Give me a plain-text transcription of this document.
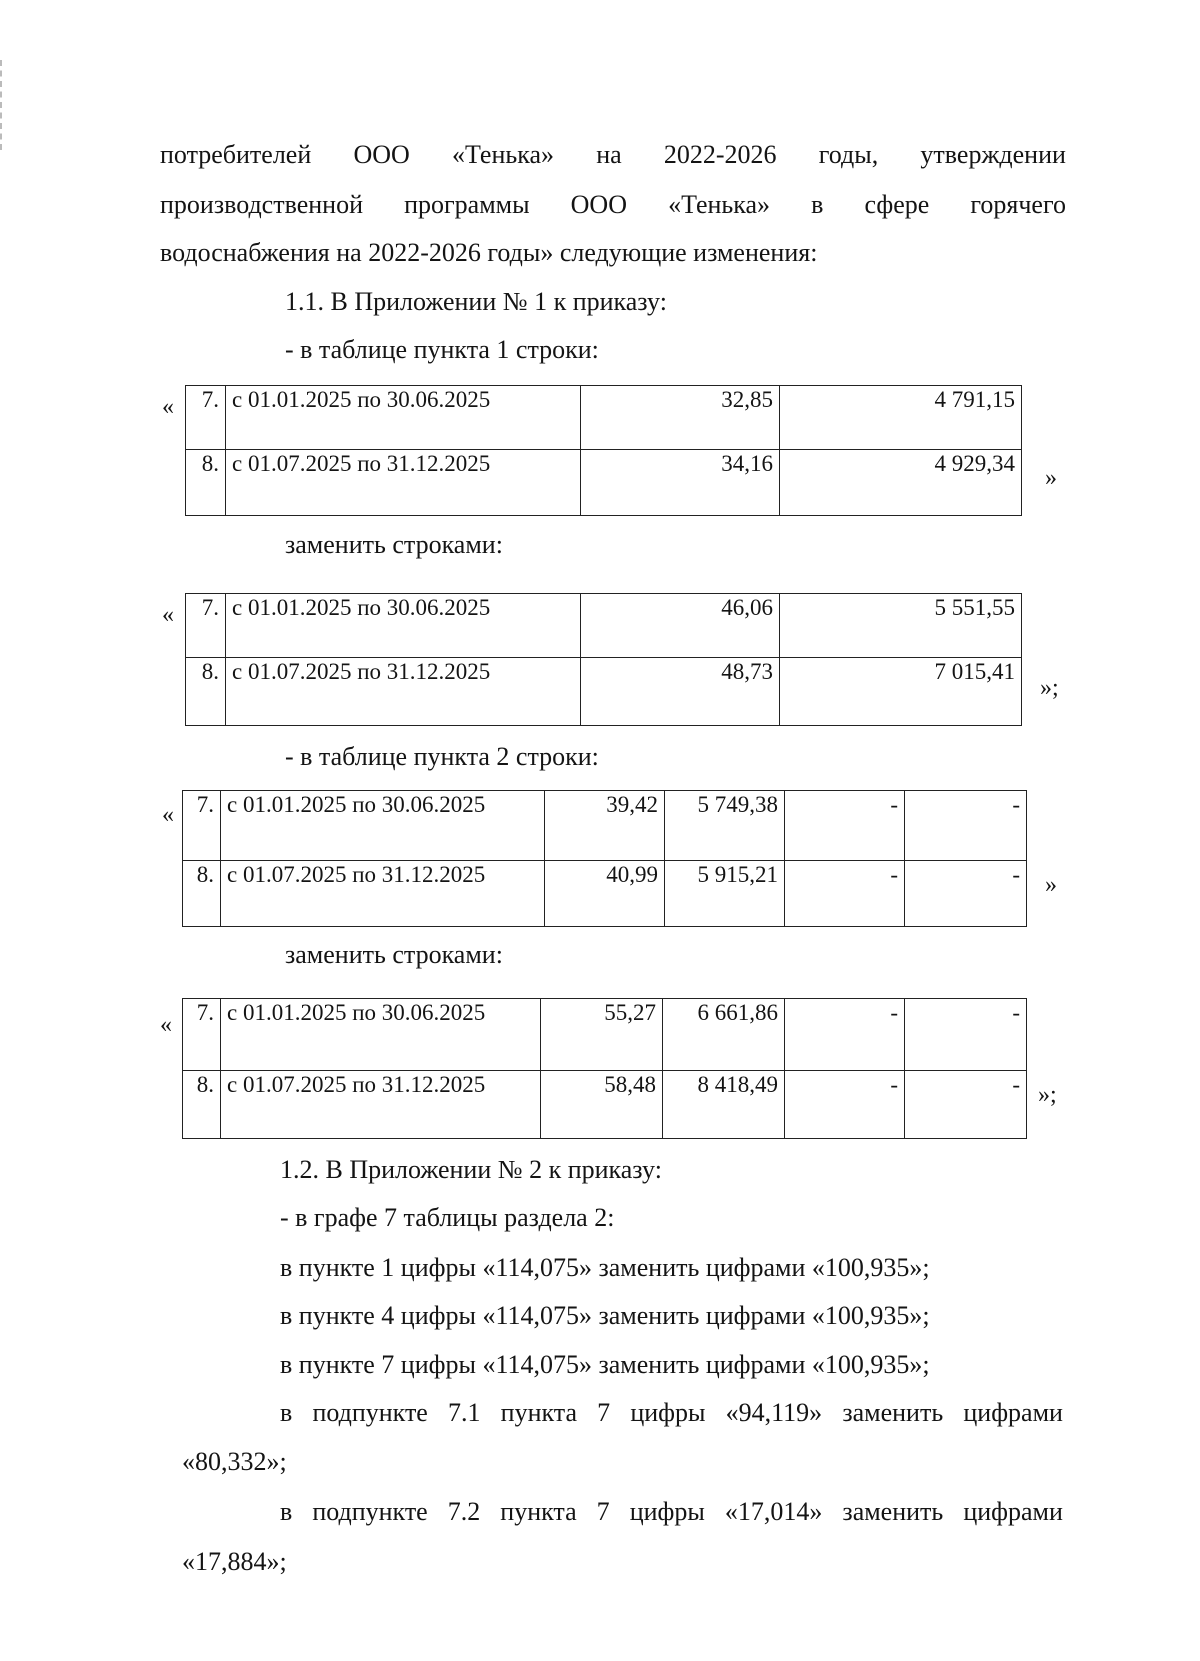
потребителей ООО «Тенька» на 2022-2026 годы, утверждении
производственной программы ООО «Тенька» в сфере горячего
водоснабжения на 2022-2026 годы» следующие изменения:
1.1. В Приложении № 1 к приказу:
- в таблице пункта 1 строки:
« 7.	с 01.01.2025 по 30.06.2025	32,85	4 791,15
8.	с 01.07.2025 по 31.12.2025	34,16	4 929,34
»
заменить строками:
« 7.	с 01.01.2025 по 30.06.2025	46,06	5 551,55
8.	с 01.07.2025 по 31.12.2025	48,73	7 015,41
»;
- в таблице пункта 2 строки:
« 7.	с 01.01.2025 по 30.06.2025	39,42	5 749,38	-	-
8.	с 01.07.2025 по 31.12.2025	40,99	5 915,21	-	- »
заменить строками:
« 7.	с 01.01.2025 по 30.06.2025	55,27	6 661,86	-	-
8.	с 01.07.2025 по 31.12.2025	58,48	8 418,49	-	- »;
1.2. В Приложении № 2 к приказу:
- в графе 7 таблицы раздела 2:
в пункте 1 цифры «114,075» заменить цифрами «100,935»;
в пункте 4 цифры «114,075» заменить цифрами «100,935»;
в пункте 7 цифры «114,075» заменить цифрами «100,935»;
в подпункте 7.1 пункта 7 цифры «94,119» заменить цифрами
«80,332»;
в подпункте 7.2 пункта 7 цифры «17,014» заменить цифрами
«17,884»;
